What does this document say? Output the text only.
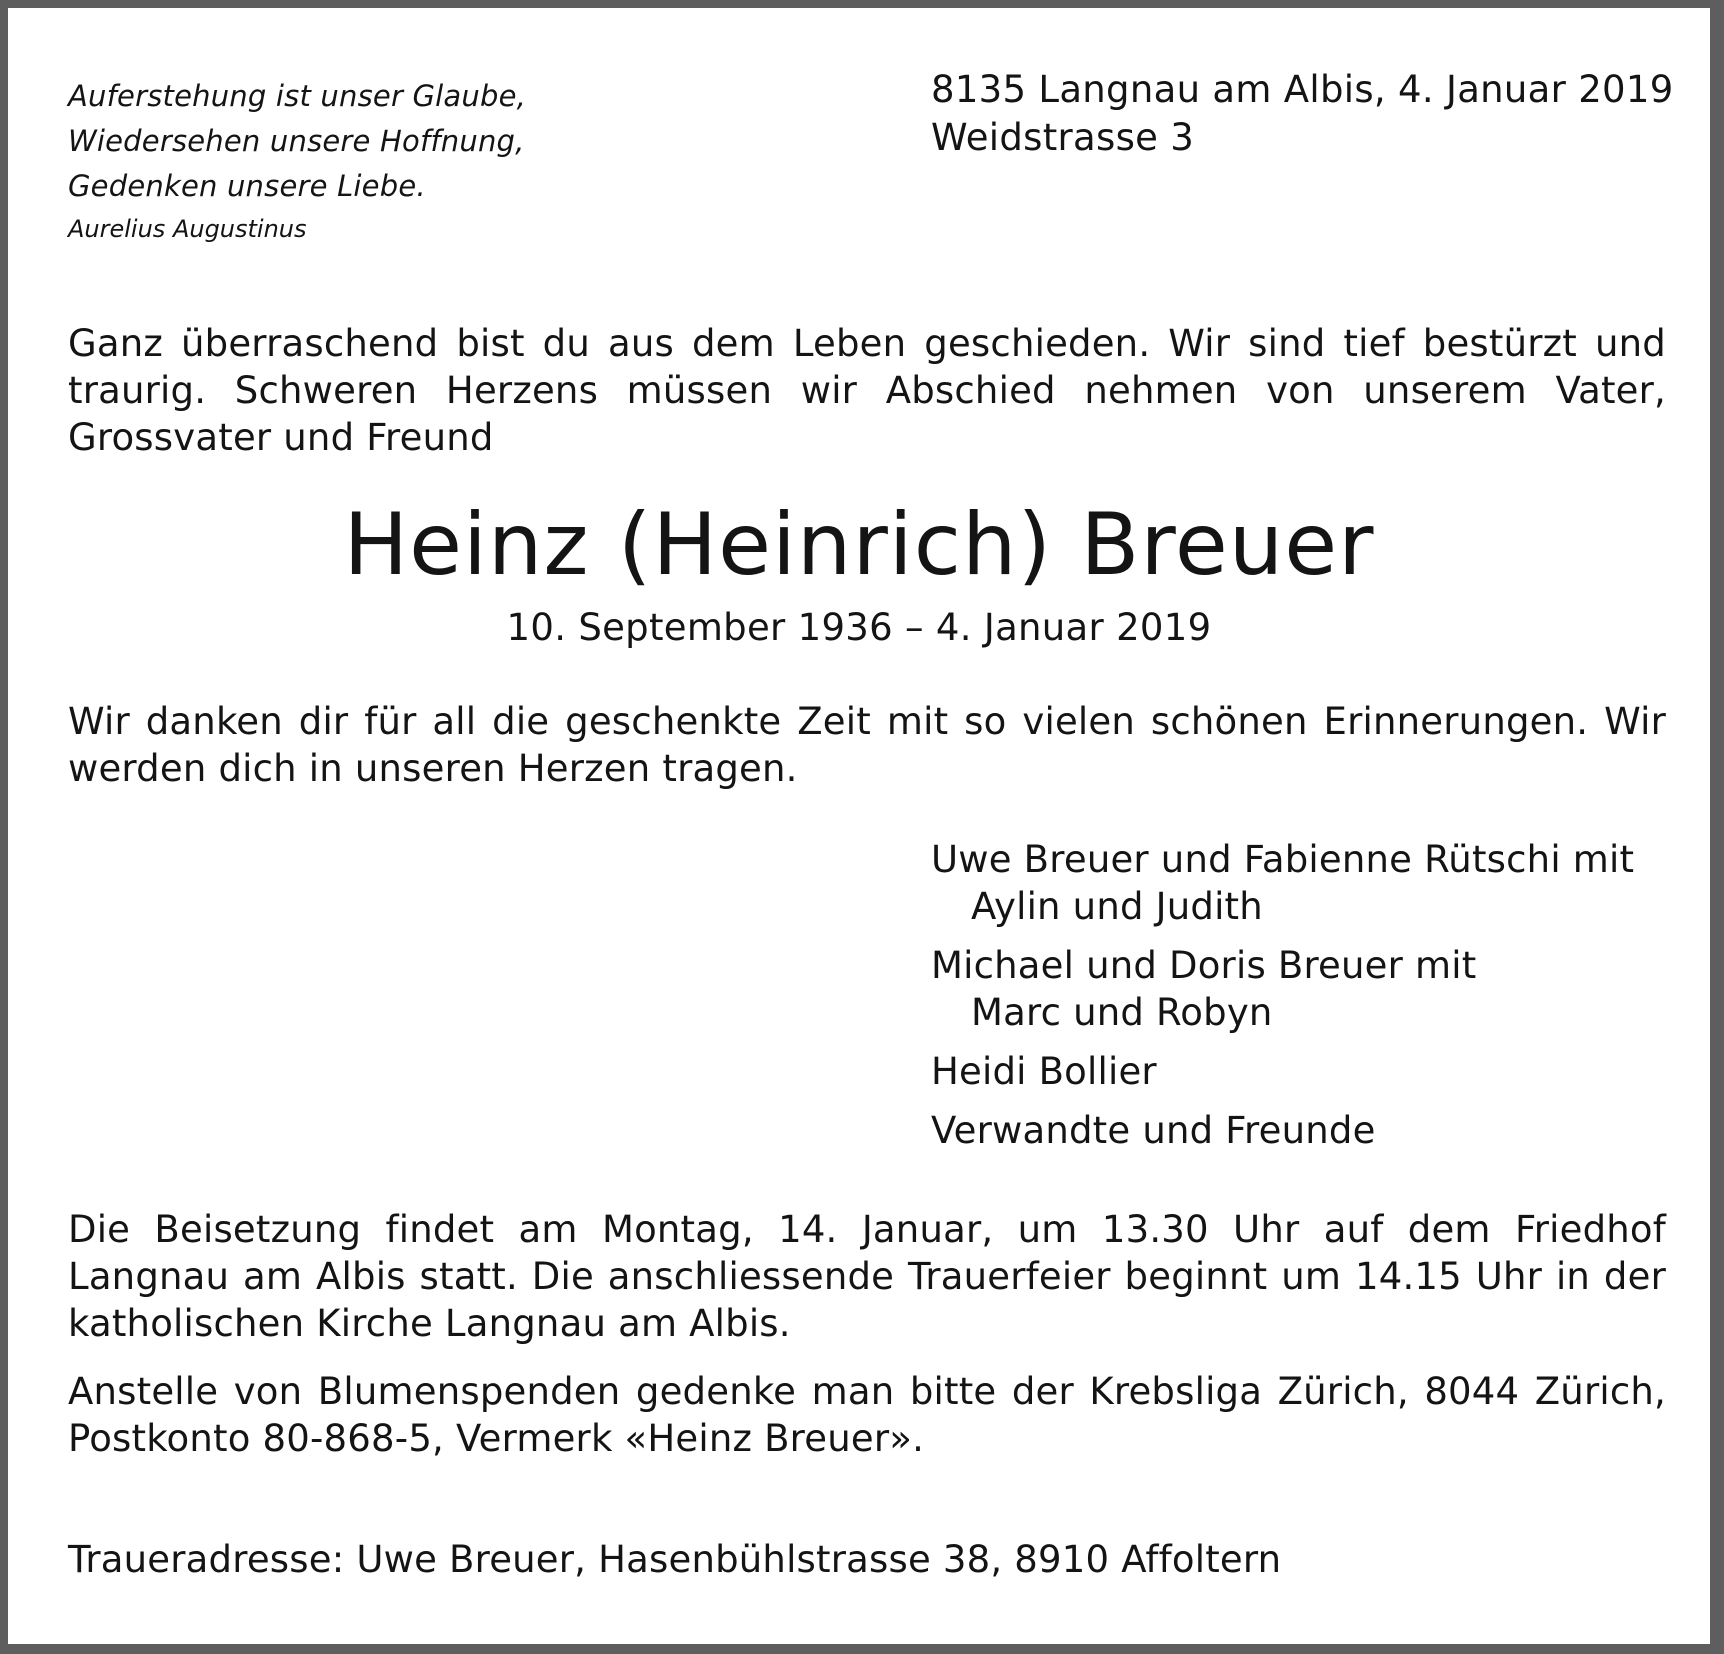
Auferstehung ist unser Glaube,
Wiedersehen unsere Hoffnung,
Gedenken unsere Liebe.
Aurelius Augustinus
8135 Langnau am Albis, 4. Januar 2019
Weidstrasse 3

Ganz überraschend bist du aus dem Leben geschieden. Wir sind tief bestürzt und traurig. Schweren Herzens müssen wir Abschied nehmen von unserem Vater, Grossvater und Freund

Heinz (Heinrich) Breuer
10. September 1936 – 4. Januar 2019

Wir danken dir für all die geschenkte Zeit mit so vielen schönen Erinnerungen. Wir werden dich in unseren Herzen tragen.

Uwe Breuer und Fabienne Rütschi mit
Aylin und Judith
Michael und Doris Breuer mit
Marc und Robyn
Heidi Bollier
Verwandte und Freunde

Die Beisetzung findet am Montag, 14. Januar, um 13.30 Uhr auf dem Friedhof Langnau am Albis statt. Die anschliessende Trauerfeier beginnt um 14.15 Uhr in der katholischen Kirche Langnau am Albis.

Anstelle von Blumenspenden gedenke man bitte der Krebsliga Zürich, 8044 Zürich, Postkonto 80-868-5, Vermerk «Heinz Breuer».

Traueradresse: Uwe Breuer, Hasenbühlstrasse 38, 8910 Affoltern
